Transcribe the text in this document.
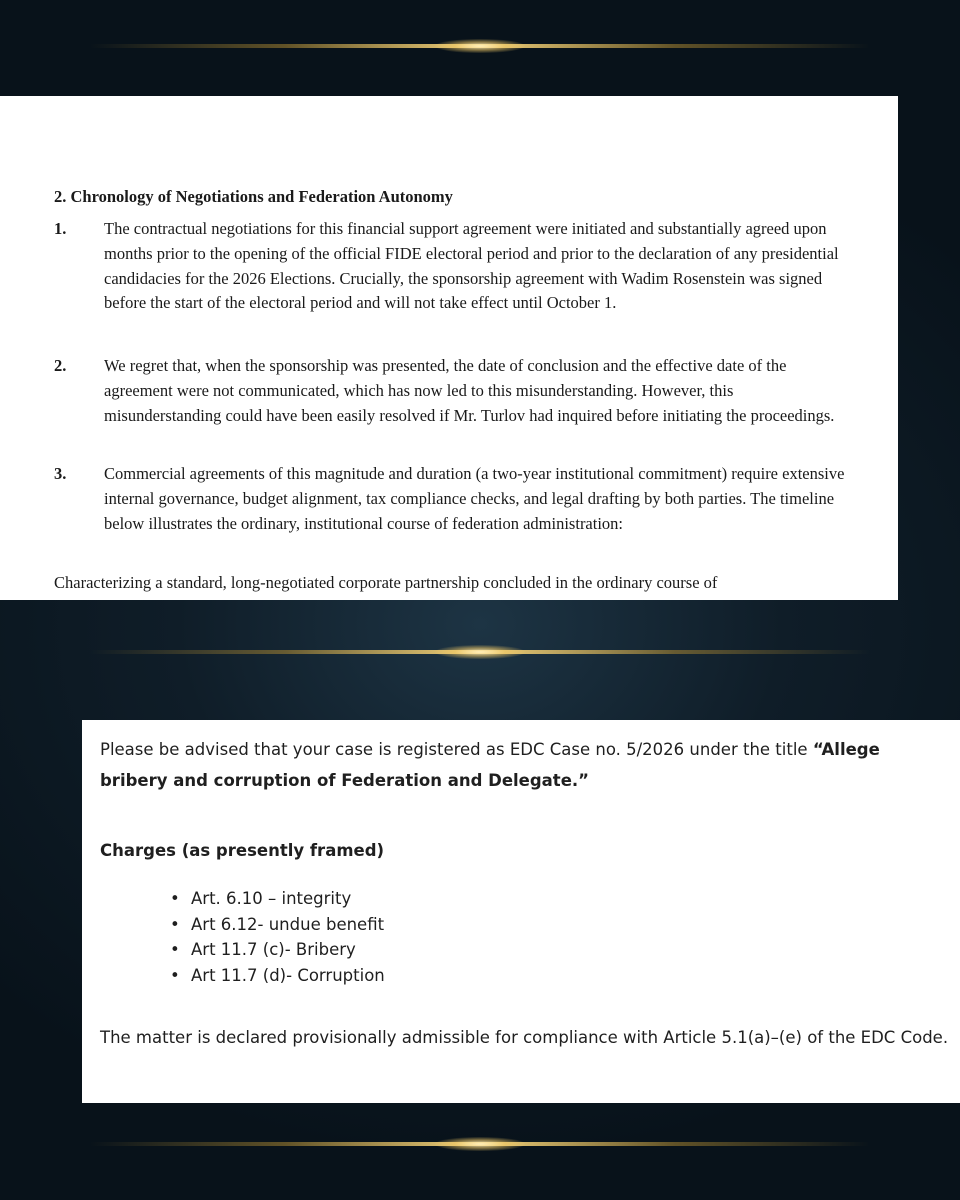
2. Chronology of Negotiations and Federation Autonomy
1. The contractual negotiations for this financial support agreement were initiated and substantially agreed upon months prior to the opening of the official FIDE electoral period and prior to the declaration of any presidential candidacies for the 2026 Elections. Crucially, the sponsorship agreement with Wadim Rosenstein was signed before the start of the electoral period and will not take effect until October 1.
2. We regret that, when the sponsorship was presented, the date of conclusion and the effective date of the agreement were not communicated, which has now led to this misunderstanding. However, this misunderstanding could have been easily resolved if Mr. Turlov had inquired before initiating the proceedings.
3. Commercial agreements of this magnitude and duration (a two-year institutional commitment) require extensive internal governance, budget alignment, tax compliance checks, and legal drafting by both parties. The timeline below illustrates the ordinary, institutional course of federation administration:
Characterizing a standard, long-negotiated corporate partnership concluded in the ordinary course of

Please be advised that your case is registered as EDC Case no. 5/2026 under the title “Allege
bribery and corruption of Federation and Delegate.”

Charges (as presently framed)
• Art. 6.10 – integrity
• Art 6.12- undue benefit
• Art 11.7 (c)- Bribery
• Art 11.7 (d)- Corruption

The matter is declared provisionally admissible for compliance with Article 5.1(a)–(e) of the EDC Code.
